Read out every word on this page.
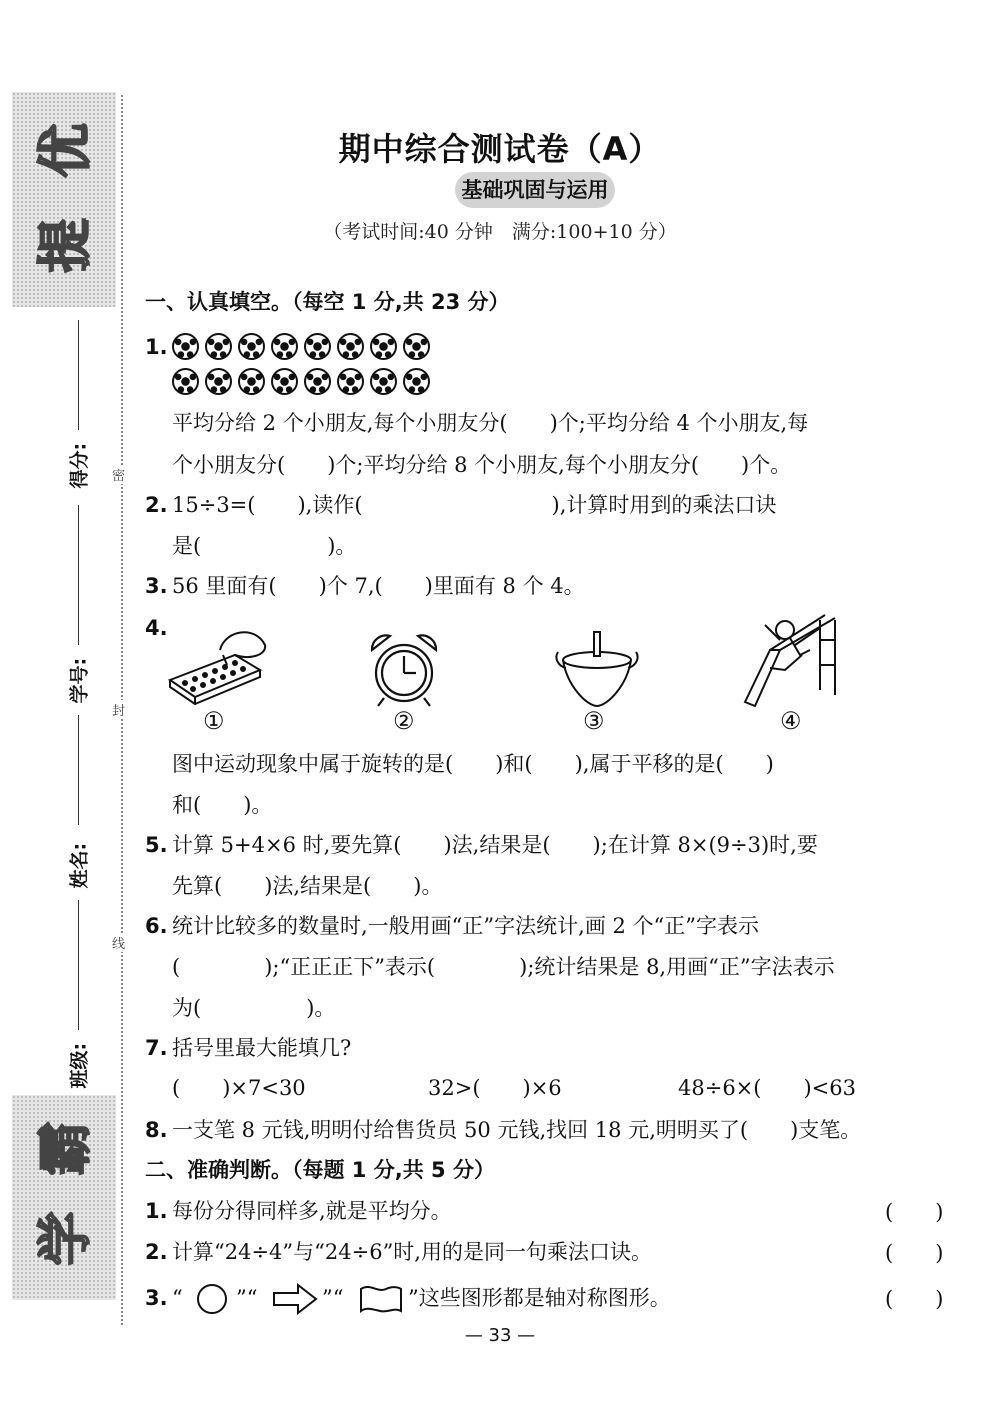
优
提
霸
学
得分:
学号:
姓名:
班级:
密
封
线
期中综合测试卷（A）
基础巩固与运用
（考试时间:40 分钟　满分:100+10 分）
一、认真填空。（每空 1 分,共 23 分）
1.
平均分给 2 个小朋友,每个小朋友分(　　)个;平均分给 4 个小朋友,每
个小朋友分(　　)个;平均分给 8 个小朋友,每个小朋友分(　　)个。
2. 15÷3=(　　),读作(　　　　　　　　　),计算时用到的乘法口诀
是(　　　　　　)。
3. 56 里面有(　　)个 7,(　　)里面有 8 个 4。
4.
①	②	③	④
图中运动现象中属于旋转的是(　　)和(　　),属于平移的是(　　)
和(　　)。
5. 计算 5+4×6 时,要先算(　　)法,结果是(　　);在计算 8×(9÷3)时,要
先算(　　)法,结果是(　　)。
6. 统计比较多的数量时,一般用画“正”字法统计,画 2 个“正”字表示
(　　　　);“正正正下”表示(　　　　);统计结果是 8,用画“正”字法表示
为(　　　　　)。
7. 括号里最大能填几?
(　　)×7<30	32>(　　)×6	48÷6×(　　)<63
8. 一支笔 8 元钱,明明付给售货员 50 元钱,找回 18 元,明明买了(　　)支笔。
二、准确判断。（每题 1 分,共 5 分）
1. 每份分得同样多,就是平均分。	(　　)
2. 计算“24÷4”与“24÷6”时,用的是同一句乘法口诀。	(　　)
3. “	”“	”“	”这些图形都是轴对称图形。	(　　)
— 33 —
